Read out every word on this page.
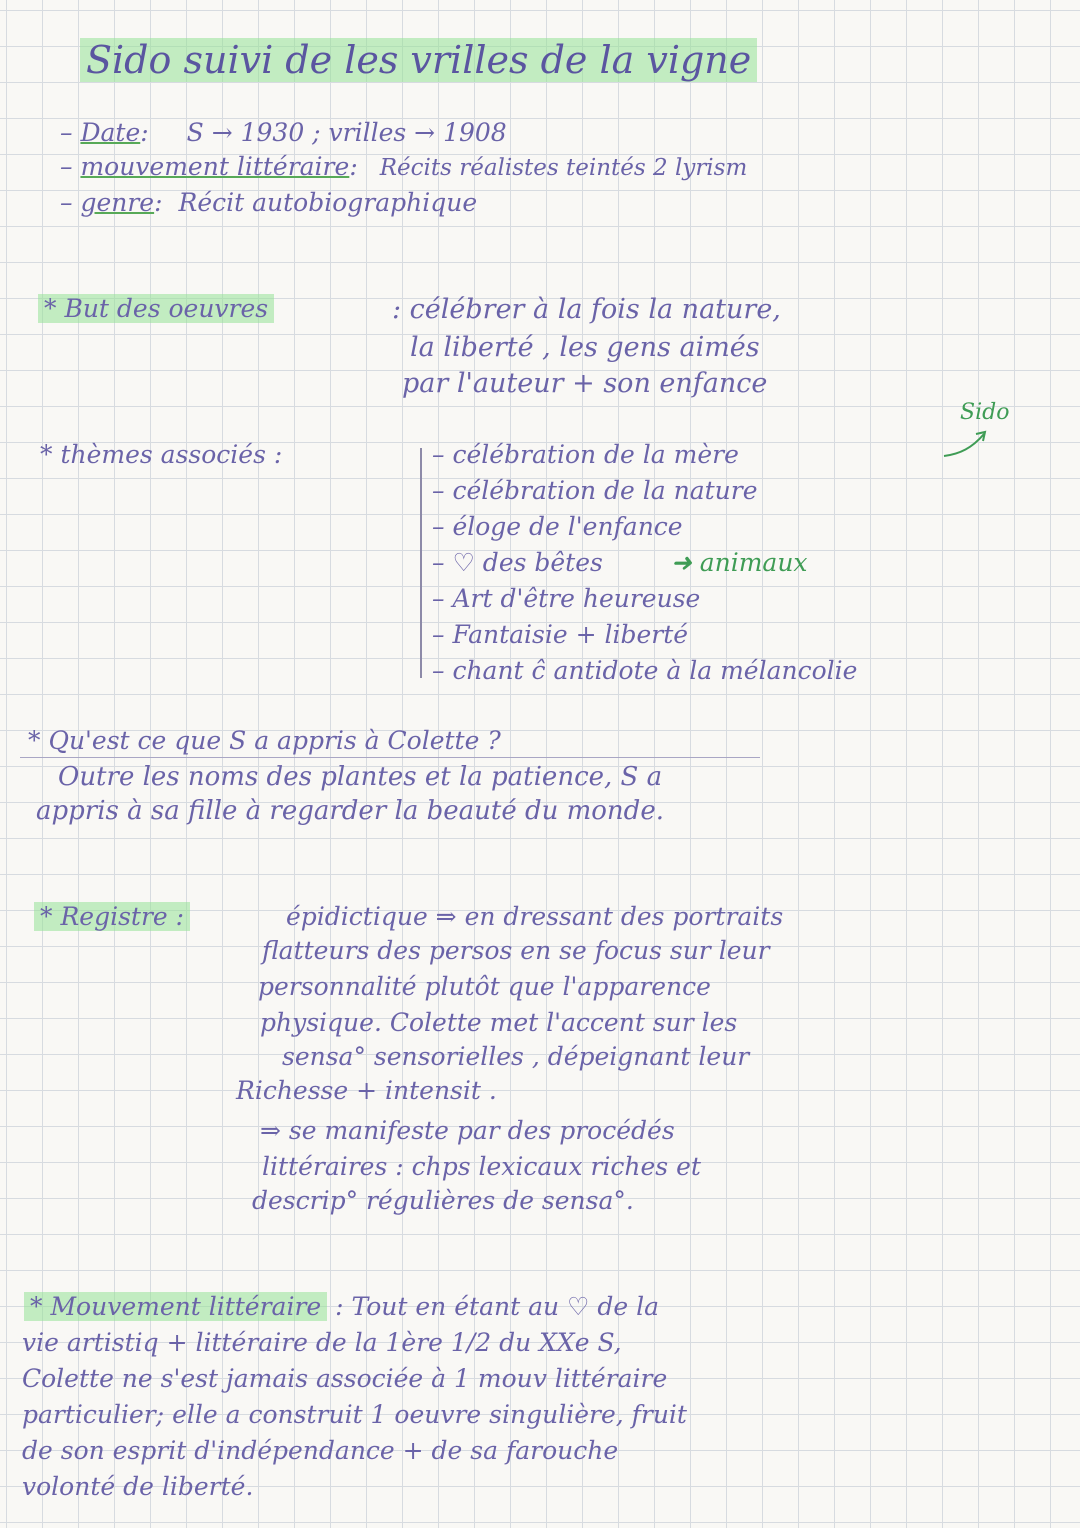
Sido suivi de les vrilles de la vigne
– Date: S → 1930 ; vrilles → 1908
– mouvement littéraire: Récits réalistes teintés 2 lyrism
– genre: Récit autobiographique
* But des oeuvres	: célébrer à la fois la nature,
la liberté , les gens aimés
par l'auteur + son enfance
* thèmes associés :
Sido
– célébration de la mère
– célébration de la nature
– éloge de l'enfance
– ♡ des bêtes	➜ animaux
– Art d'être heureuse
– Fantaisie + liberté
– chant ĉ antidote à la mélancolie
* Qu'est ce que S a appris à Colette ?
Outre les noms des plantes et la patience, S a
appris à sa fille à regarder la beauté du monde.
* Registre :	épidictique ⇒ en dressant des portraits
flatteurs des persos en se focus sur leur
personnalité plutôt que l'apparence
physique. Colette met l'accent sur les
sensa° sensorielles , dépeignant leur
Richesse + intensit .
⇒ se manifeste par des procédés
littéraires : chps lexicaux riches et
descrip° régulières de sensa°.
* Mouvement littéraire : Tout en étant au ♡ de la
vie artistiq + littéraire de la 1ère 1/2 du XXe S,
Colette ne s'est jamais associée à 1 mouv littéraire
particulier; elle a construit 1 oeuvre singulière, fruit
de son esprit d'indépendance + de sa farouche
volonté de liberté.
